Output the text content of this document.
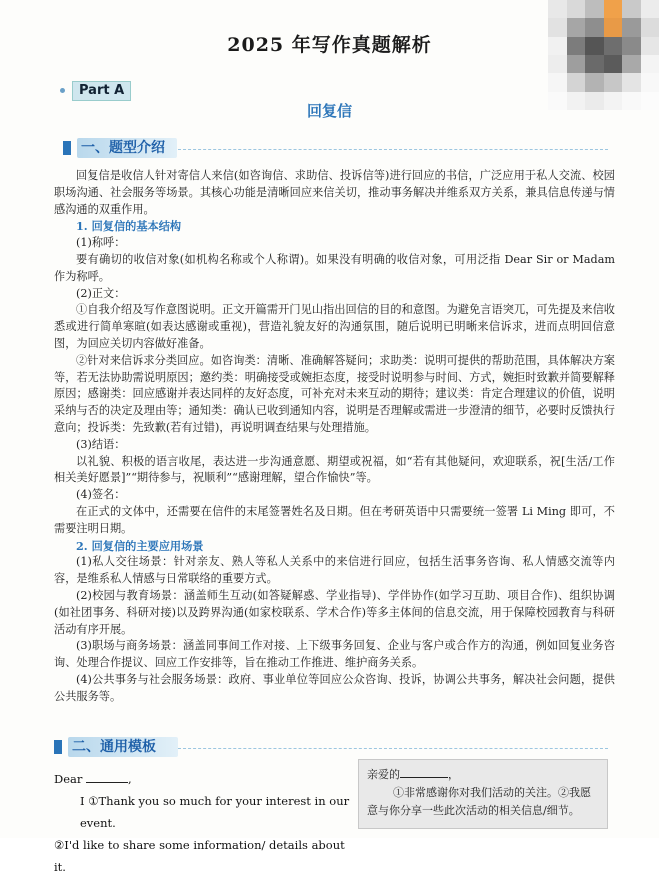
2025 年写作真题解析
Part A
回复信
一、题型介绍

回复信是收信人针对寄信人来信(如咨询信、求助信、投诉信等)进行回应的书信，广泛应用于私人交流、校园职场沟通、社会服务等场景。其核心功能是清晰回应来信关切，推动事务解决并维系双方关系，兼具信息传递与情感沟通的双重作用。

1. 回复信的基本结构

(1)称呼：

要有确切的收信对象(如机构名称或个人称谓)。如果没有明确的收信对象，可用泛指 Dear Sir or Madam 作为称呼。

(2)正文：

①自我介绍及写作意图说明。正文开篇需开门见山指出回信的目的和意图。为避免言语突兀，可先提及来信收悉或进行简单寒暄(如表达感谢或重视)，营造礼貌友好的沟通氛围，随后说明已明晰来信诉求，进而点明回信意图，为回应关切内容做好准备。

②针对来信诉求分类回应。如咨询类：清晰、准确解答疑问；求助类：说明可提供的帮助范围，具体解决方案等，若无法协助需说明原因；邀约类：明确接受或婉拒态度，接受时说明参与时间、方式，婉拒时致歉并简要解释原因；感谢类：回应感谢并表达同样的友好态度，可补充对未来互动的期待；建议类：肯定合理建议的价值，说明采纳与否的决定及理由等；通知类：确认已收到通知内容，说明是否理解或需进一步澄清的细节，必要时反馈执行意向；投诉类：先致歉(若有过错)，再说明调查结果与处理措施。

(3)结语：

以礼貌、积极的语言收尾，表达进一步沟通意愿、期望或祝福，如“若有其他疑问，欢迎联系，祝[生活/工作相关美好愿景]”“期待参与，祝顺利”“感谢理解，望合作愉快”等。

(4)签名：

在正式的文体中，还需要在信件的末尾签署姓名及日期。但在考研英语中只需要统一签署 Li Ming 即可，不需要注明日期。

2. 回复信的主要应用场景

(1)私人交往场景：针对亲友、熟人等私人关系中的来信进行回应，包括生活事务咨询、私人情感交流等内容，是维系私人情感与日常联络的重要方式。

(2)校园与教育场景：涵盖师生互动(如答疑解惑、学业指导)、学伴协作(如学习互助、项目合作)、组织协调(如社团事务、科研对接)以及跨界沟通(如家校联系、学术合作)等多主体间的信息交流，用于保障校园教育与科研活动有序开展。

(3)职场与商务场景：涵盖同事间工作对接、上下级事务回复、企业与客户或合作方的沟通，例如回复业务咨询、处理合作提议、回应工作安排等，旨在推动工作推进、维护商务关系。

(4)公共事务与社会服务场景：政府、事业单位等回应公众咨询、投诉，协调公共事务，解决社会问题，提供公共服务等。

二、通用模板
Dear	,
Ⅰ ①Thank you so much for your interest in our event.
②I'd like to share some information/ details about it.
亲爱的	，
①非常感谢你对我们活动的关注。②我愿意与你分享一些此次活动的相关信息/细节。
